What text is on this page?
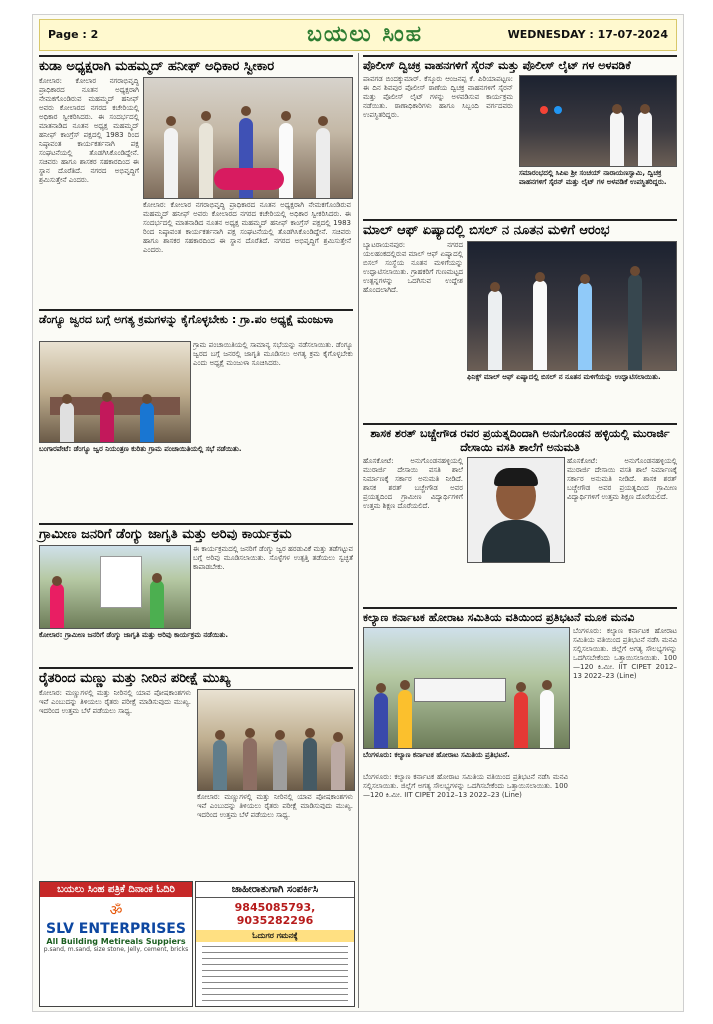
Page : 2	ಬಯಲು ಸಿಂಹ	WEDNESDAY : 17-07-2024
ಕುಡಾ ಅಧ್ಯಕ್ಷರಾಗಿ ಮಹಮ್ಮದ್ ಹನೀಫ್ ಅಧಿಕಾರ ಸ್ವೀಕಾರ

ಕೋಲಾರ: ಕೋಲಾರ ನಗರಾಭಿವೃದ್ಧಿ ಪ್ರಾಧಿಕಾರದ ನೂತನ ಅಧ್ಯಕ್ಷರಾಗಿ ನೇಮಕಗೊಂಡಿರುವ ಮಹಮ್ಮದ್ ಹನೀಫ್ ಅವರು ಕೋಲಾರದ ನಗರದ ಕಚೇರಿಯಲ್ಲಿ ಅಧಿಕಾರ ಸ್ವೀಕರಿಸಿದರು. ಈ ಸಂದರ್ಭದಲ್ಲಿ ಮಾತನಾಡಿದ ನೂತನ ಅಧ್ಯಕ್ಷ ಮಹಮ್ಮದ್ ಹನೀಫ್ ಕಾಂಗ್ರೆಸ್ ಪಕ್ಷದಲ್ಲಿ 1983 ರಿಂದ ನಿಷ್ಠಾವಂತ ಕಾರ್ಯಕರ್ತನಾಗಿ ಪಕ್ಷ ಸಂಘಟನೆಯಲ್ಲಿ ತೊಡಗಿಸಿಕೊಂಡಿದ್ದೇನೆ. ಸಚಿವರು ಹಾಗೂ ಶಾಸಕರ ಸಹಕಾರದಿಂದ ಈ ಸ್ಥಾನ ದೊರೆತಿದೆ. ನಗರದ ಅಭಿವೃದ್ಧಿಗೆ ಶ್ರಮಿಸುತ್ತೇನೆ ಎಂದರು.

ಕೋಲಾರ: ಕೋಲಾರ ನಗರಾಭಿವೃದ್ಧಿ ಪ್ರಾಧಿಕಾರದ ನೂತನ ಅಧ್ಯಕ್ಷರಾಗಿ ನೇಮಕಗೊಂಡಿರುವ ಮಹಮ್ಮದ್ ಹನೀಫ್ ಅವರು ಕೋಲಾರದ ನಗರದ ಕಚೇರಿಯಲ್ಲಿ ಅಧಿಕಾರ ಸ್ವೀಕರಿಸಿದರು. ಈ ಸಂದರ್ಭದಲ್ಲಿ ಮಾತನಾಡಿದ ನೂತನ ಅಧ್ಯಕ್ಷ ಮಹಮ್ಮದ್ ಹನೀಫ್ ಕಾಂಗ್ರೆಸ್ ಪಕ್ಷದಲ್ಲಿ 1983 ರಿಂದ ನಿಷ್ಠಾವಂತ ಕಾರ್ಯಕರ್ತನಾಗಿ ಪಕ್ಷ ಸಂಘಟನೆಯಲ್ಲಿ ತೊಡಗಿಸಿಕೊಂಡಿದ್ದೇನೆ. ಸಚಿವರು ಹಾಗೂ ಶಾಸಕರ ಸಹಕಾರದಿಂದ ಈ ಸ್ಥಾನ ದೊರೆತಿದೆ. ನಗರದ ಅಭಿವೃದ್ಧಿಗೆ ಶ್ರಮಿಸುತ್ತೇನೆ ಎಂದರು.

ಡೆಂಗ್ಯೂ ಜ್ವರದ ಬಗ್ಗೆ ಅಗತ್ಯ ಕ್ರಮಗಳನ್ನು ಕೈಗೊಳ್ಳಬೇಕು : ಗ್ರಾ.ಪಂ ಅಧ್ಯಕ್ಷೆ ಮಂಜುಳಾ

ಗ್ರಾಮ ಪಂಚಾಯಿತಿಯಲ್ಲಿ ಸಾಮಾನ್ಯ ಸಭೆಯನ್ನು ನಡೆಸಲಾಯಿತು. ಡೆಂಗ್ಯೂ ಜ್ವರದ ಬಗ್ಗೆ ಜನರಲ್ಲಿ ಜಾಗೃತಿ ಮೂಡಿಸಲು ಅಗತ್ಯ ಕ್ರಮ ಕೈಗೊಳ್ಳಬೇಕು ಎಂದು ಅಧ್ಯಕ್ಷೆ ಮಂಜುಳಾ ಸೂಚಿಸಿದರು.

ಬಂಗಾರಪೇಟೆ: ಡೆಂಗ್ಯೂ ಜ್ವರ ನಿಯಂತ್ರಣ ಕುರಿತು ಗ್ರಾಮ ಪಂಚಾಯಿತಿಯಲ್ಲಿ ಸಭೆ ನಡೆಯಿತು.
ಗ್ರಾಮೀಣ ಜನರಿಗೆ ಡೆಂಗ್ಯು ಜಾಗೃತಿ ಮತ್ತು ಅರಿವು ಕಾರ್ಯಕ್ರಮ

ಈ ಕಾರ್ಯಕ್ರಮದಲ್ಲಿ ಜನರಿಗೆ ಡೆಂಗ್ಯು ಜ್ವರ ಹರಡುವಿಕೆ ಮತ್ತು ತಡೆಗಟ್ಟುವ ಬಗ್ಗೆ ಅರಿವು ಮೂಡಿಸಲಾಯಿತು. ಸೊಳ್ಳೆಗಳ ಉತ್ಪತ್ತಿ ತಡೆಯಲು ಸ್ವಚ್ಛತೆ ಕಾಪಾಡಬೇಕು.

ಕೋಲಾರ: ಗ್ರಾಮೀಣ ಜನರಿಗೆ ಡೆಂಗ್ಯು ಜಾಗೃತಿ ಮತ್ತು ಅರಿವು ಕಾರ್ಯಕ್ರಮ ನಡೆಯಿತು.
ರೈತರಿಂದ ಮಣ್ಣು ಮತ್ತು ನೀರಿನ ಪರೀಕ್ಷೆ ಮುಖ್ಯ

ಕೋಲಾರ: ಮಣ್ಣುಗಳಲ್ಲಿ ಮತ್ತು ನೀರಿನಲ್ಲಿ ಯಾವ ಪೋಷಕಾಂಶಗಳು ಇವೆ ಎಂಬುದನ್ನು ತಿಳಿಯಲು ರೈತರು ಪರೀಕ್ಷೆ ಮಾಡಿಸುವುದು ಮುಖ್ಯ. ಇದರಿಂದ ಉತ್ತಮ ಬೆಳೆ ಪಡೆಯಲು ಸಾಧ್ಯ.

ಕೋಲಾರ: ಮಣ್ಣುಗಳಲ್ಲಿ ಮತ್ತು ನೀರಿನಲ್ಲಿ ಯಾವ ಪೋಷಕಾಂಶಗಳು ಇವೆ ಎಂಬುದನ್ನು ತಿಳಿಯಲು ರೈತರು ಪರೀಕ್ಷೆ ಮಾಡಿಸುವುದು ಮುಖ್ಯ. ಇದರಿಂದ ಉತ್ತಮ ಬೆಳೆ ಪಡೆಯಲು ಸಾಧ್ಯ.

ಬಯಲು ಸಿಂಹ ಪತ್ರಿಕೆ ದಿನಾಂಕ ಓದಿರಿ
ॐ
SLV ENTERPRISES
All Building Metireals Suppiers
p.sand, m.sand, size stone, Jelly, cement, bricks
ಜಾಹೀರಾತುಗಾಗಿ ಸಂಪರ್ಕಿಸಿ
9845085793, 9035282296
ಓದುಗರ ಗಮನಕ್ಕೆ
ಪೊಲೀಸ್ ದ್ವಿಚಕ್ರ ವಾಹನಗಳಿಗೆ ಸೈರನ್ ಮತ್ತು ಪೊಲೀಸ್ ಲೈಟ್ ಗಳ ಅಳವಡಿಕೆ

ಪಾವಗಡ ಬಿಂದಕ್ಕುಮಾರ್. ಕೆಸ್ಕೂರು ಆಂಜನಪ್ಪ ಕೆ. ಪಿರಿಯಾಪಟ್ಟಣ: ಈ ದಿನ ಶಿವಪುರ ಪೊಲೀಸ್ ಠಾಣೆಯ ದ್ವಿಚಕ್ರ ವಾಹನಗಳಿಗೆ ಸೈರನ್ ಮತ್ತು ಪೊಲೀಸ್ ಲೈಟ್ ಗಳನ್ನು ಅಳವಡಿಸುವ ಕಾರ್ಯಕ್ರಮ ನಡೆಯಿತು. ಠಾಣಾಧಿಕಾರಿಗಳು ಹಾಗೂ ಸಿಬ್ಬಂದಿ ವರ್ಗದವರು ಉಪಸ್ಥಿತರಿದ್ದರು.

ಸಮಾರಂಭದಲ್ಲಿ ಸಿಪಿಐ ಶ್ರೀ ಸಂಚಯ್ ನಾರಾಯಣಸ್ವಾಮಿ, ದ್ವಿಚಕ್ರ ವಾಹನಗಳಿಗೆ ಸೈರನ್ ಮತ್ತು ಲೈಟ್ ಗಳ ಅಳವಡಿಕೆ ಉಪಸ್ಥಿತರಿದ್ದರು.
ಮಾಲ್ ಆಫ್ ಏಷ್ಯಾದಲ್ಲಿ ಬಿಸಲ್ ನ ನೂತನ ಮಳಿಗೆ ಆರಂಭ

ಬ್ಯಾಟರಾಯನಪುರ: ನಗರದ ಯಲಹಂಕದಲ್ಲಿರುವ ಮಾಲ್ ಆಫ್ ಏಷ್ಯಾದಲ್ಲಿ ಬಿಸಲ್ ಸಂಸ್ಥೆಯ ನೂತನ ಮಳಿಗೆಯನ್ನು ಉದ್ಘಾಟಿಸಲಾಯಿತು. ಗ್ರಾಹಕರಿಗೆ ಗುಣಮಟ್ಟದ ಉತ್ಪನ್ನಗಳನ್ನು ಒದಗಿಸುವ ಉದ್ದೇಶ ಹೊಂದಲಾಗಿದೆ.

ಫಿನಿಕ್ಸ್ ಮಾಲ್ ಆಫ್ ಏಷ್ಯಾದಲ್ಲಿ ಬಿಸಲ್ ನ ನೂತನ ಮಳಿಗೆಯನ್ನು ಉದ್ಘಾಟಿಸಲಾಯಿತು.
ಶಾಸಕ ಶರತ್ ಬಚ್ಚೇಗೌಡ ರವರ ಪ್ರಯತ್ನದಿಂದಾಗಿ ಅನುಗೊಂಡನ ಹಳ್ಳಿಯಲ್ಲಿ ಮುರಾರ್ಜಿ ದೇಸಾಯಿ ವಸತಿ ಶಾಲೆಗೆ ಅನುಮತಿ

ಹೊಸಕೋಟೆ: ಅನುಗೊಂಡನಹಳ್ಳಿಯಲ್ಲಿ ಮುರಾರ್ಜಿ ದೇಸಾಯಿ ವಸತಿ ಶಾಲೆ ನಿರ್ಮಾಣಕ್ಕೆ ಸರ್ಕಾರ ಅನುಮತಿ ನೀಡಿದೆ. ಶಾಸಕ ಶರತ್ ಬಚ್ಚೇಗೌಡ ಅವರ ಪ್ರಯತ್ನದಿಂದ ಗ್ರಾಮೀಣ ವಿದ್ಯಾರ್ಥಿಗಳಿಗೆ ಉತ್ತಮ ಶಿಕ್ಷಣ ದೊರೆಯಲಿದೆ.

ಹೊಸಕೋಟೆ: ಅನುಗೊಂಡನಹಳ್ಳಿಯಲ್ಲಿ ಮುರಾರ್ಜಿ ದೇಸಾಯಿ ವಸತಿ ಶಾಲೆ ನಿರ್ಮಾಣಕ್ಕೆ ಸರ್ಕಾರ ಅನುಮತಿ ನೀಡಿದೆ. ಶಾಸಕ ಶರತ್ ಬಚ್ಚೇಗೌಡ ಅವರ ಪ್ರಯತ್ನದಿಂದ ಗ್ರಾಮೀಣ ವಿದ್ಯಾರ್ಥಿಗಳಿಗೆ ಉತ್ತಮ ಶಿಕ್ಷಣ ದೊರೆಯಲಿದೆ.

ಕಲ್ಯಾಣ ಕರ್ನಾಟಕ ಹೋರಾಟ ಸಮಿತಿಯ ವತಿಯಿಂದ ಪ್ರತಿಭಟನೆ ಮೂಕ ಮನವಿ

ಬೆಂಗಳೂರು: ಕಲ್ಯಾಣ ಕರ್ನಾಟಕ ಹೋರಾಟ ಸಮಿತಿಯ ವತಿಯಿಂದ ಪ್ರತಿಭಟನೆ ನಡೆಸಿ ಮನವಿ ಸಲ್ಲಿಸಲಾಯಿತು. ಜಿಲ್ಲೆಗೆ ಅಗತ್ಯ ಸೌಲಭ್ಯಗಳನ್ನು ಒದಗಿಸಬೇಕೆಂದು ಒತ್ತಾಯಿಸಲಾಯಿತು. 100—120 ಕಿ.ಮೀ. IIT CIPET 2012–13 2022–23 (Line)

ಬೆಂಗಳೂರು: ಕಲ್ಯಾಣ ಕರ್ನಾಟಕ ಹೋರಾಟ ಸಮಿತಿಯ ಪ್ರತಿಭಟನೆ.

ಬೆಂಗಳೂರು: ಕಲ್ಯಾಣ ಕರ್ನಾಟಕ ಹೋರಾಟ ಸಮಿತಿಯ ವತಿಯಿಂದ ಪ್ರತಿಭಟನೆ ನಡೆಸಿ ಮನವಿ ಸಲ್ಲಿಸಲಾಯಿತು. ಜಿಲ್ಲೆಗೆ ಅಗತ್ಯ ಸೌಲಭ್ಯಗಳನ್ನು ಒದಗಿಸಬೇಕೆಂದು ಒತ್ತಾಯಿಸಲಾಯಿತು. 100—120 ಕಿ.ಮೀ. IIT CIPET 2012–13 2022–23 (Line)
